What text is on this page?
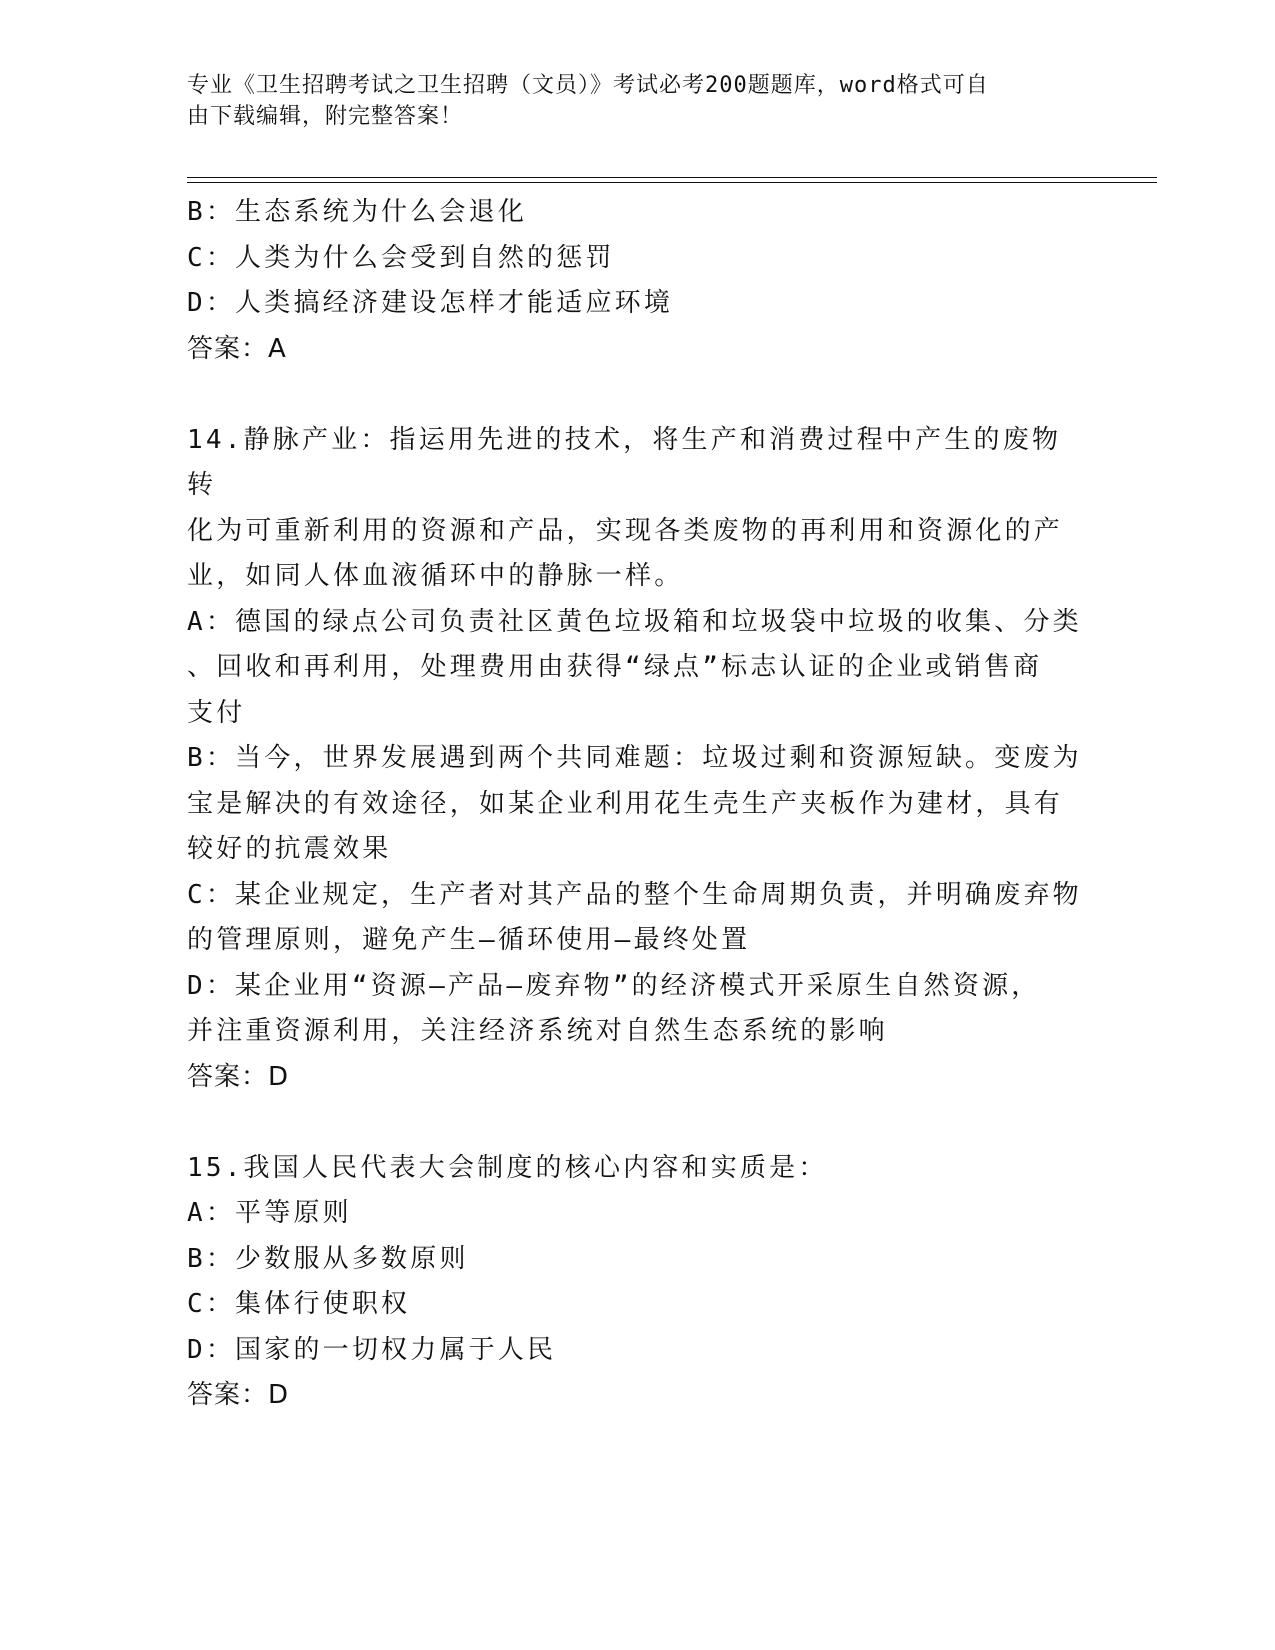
专业《卫生招聘考试之卫生招聘（文员）》考试必考200题题库，word格式可自
由下载编辑，附完整答案！
B：生态系统为什么会退化
C：人类为什么会受到自然的惩罚
D：人类搞经济建设怎样才能适应环境
答案：A
14.静脉产业：指运用先进的技术，将生产和消费过程中产生的废物转
化为可重新利用的资源和产品，实现各类废物的再利用和资源化的产
业，如同人体血液循环中的静脉一样。
A：德国的绿点公司负责社区黄色垃圾箱和垃圾袋中垃圾的收集、分类
、回收和再利用，处理费用由获得“绿点”标志认证的企业或销售商
支付
B：当今，世界发展遇到两个共同难题：垃圾过剩和资源短缺。变废为
宝是解决的有效途径，如某企业利用花生壳生产夹板作为建材，具有
较好的抗震效果
C：某企业规定，生产者对其产品的整个生命周期负责，并明确废弃物
的管理原则，避免产生—循环使用—最终处置
D：某企业用“资源—产品—废弃物”的经济模式开采原生自然资源，
并注重资源利用，关注经济系统对自然生态系统的影响
答案：D
15.我国人民代表大会制度的核心内容和实质是：
A：平等原则
B：少数服从多数原则
C：集体行使职权
D：国家的一切权力属于人民
答案：D
